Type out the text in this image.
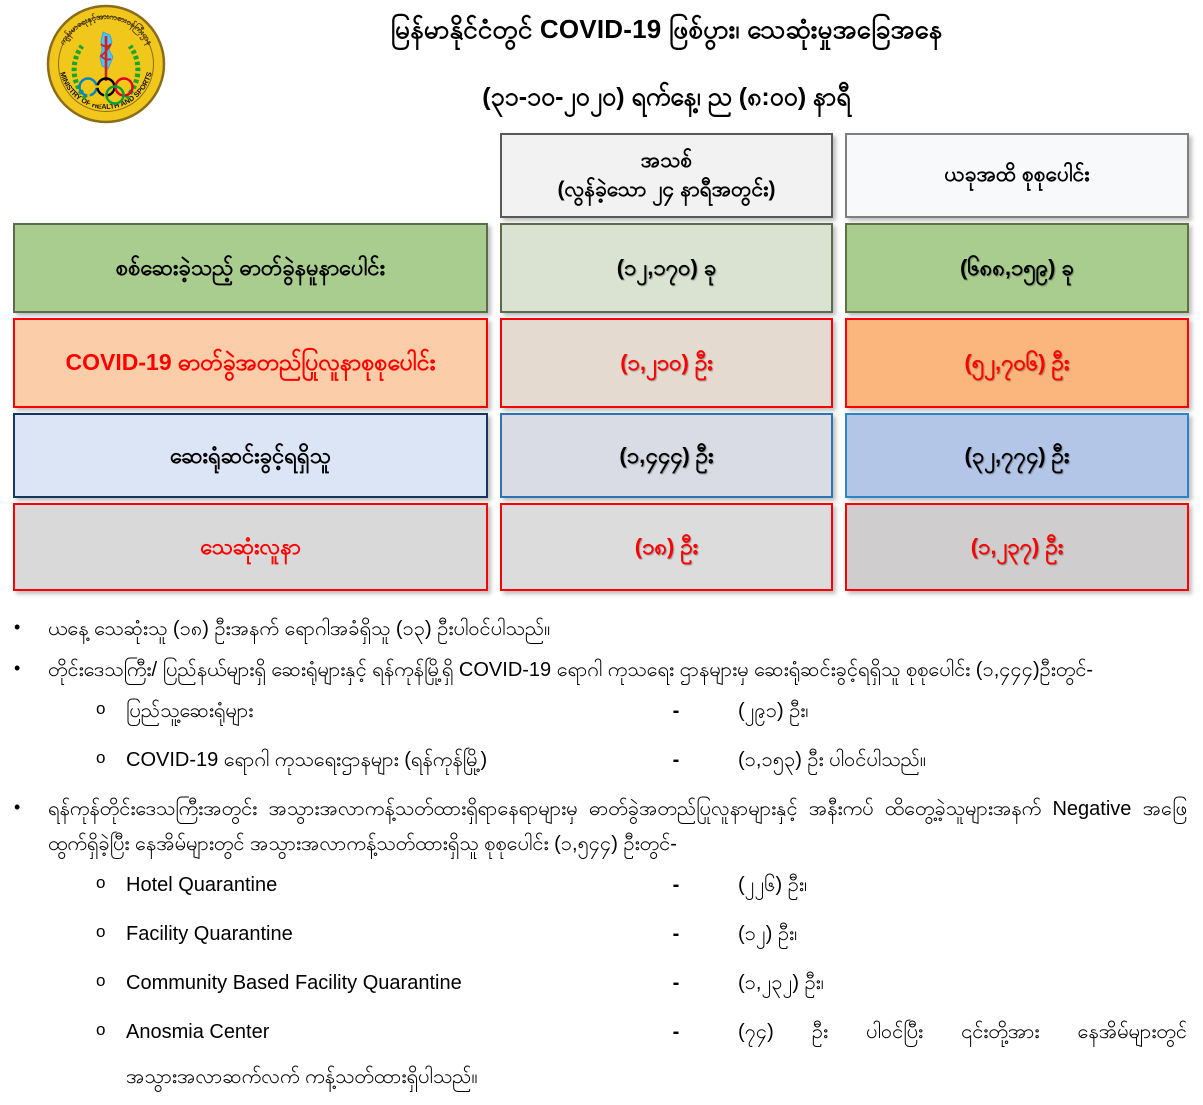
ကျန်းမာရေးနှင့်အားကစားဝန်ကြီးဌာန
MINISTRY OF HEALTH AND SPORTS
မြန်မာနိုင်ငံတွင် COVID-19 ဖြစ်ပွား၊ သေဆုံးမှုအခြေအနေ
(၃၁-၁၀-၂၀၂၀) ရက်နေ့၊ ည (၈:၀၀) နာရီ
အသစ်
(လွန်ခဲ့သော ၂၄ နာရီအတွင်း)
ယခုအထိ စုစုပေါင်း
စစ်ဆေးခဲ့သည့် ဓာတ်ခွဲနမူနာပေါင်း	(၁၂,၁၇၀) ခု	(၆၈၈,၁၅၉) ခု
COVID-19 ဓာတ်ခွဲအတည်ပြုလူနာစုစုပေါင်း	(၁,၂၁၀) ဦး	(၅၂,၇၀၆) ဦး
ဆေးရုံဆင်းခွင့်ရရှိသူ	(၁,၄၄၄) ဦး	(၃၂,၇၇၄) ဦး
သေဆုံးလူနာ	(၁၈) ဦး	(၁,၂၃၇) ဦး
•	ယနေ့ သေဆုံးသူ (၁၈) ဦးအနက် ရောဂါအခံရှိသူ (၁၃) ဦးပါဝင်ပါသည်။
•	တိုင်းဒေသကြီး/ ပြည်နယ်များရှိ ဆေးရုံများနှင့် ရန်ကုန်မြို့ရှိ COVID-19 ရောဂါ ကုသရေး ဌာနများမှ ဆေးရုံဆင်းခွင့်ရရှိသူ စုစုပေါင်း (၁,၄၄၄)ဦးတွင်-
o	ပြည်သူ့ဆေးရုံများ	-	(၂၉၁) ဦး၊
o	COVID-19 ရောဂါ ကုသရေးဌာနများ (ရန်ကုန်မြို့)	-	(၁,၁၅၃) ဦး ပါဝင်ပါသည်။
•	ရန်ကုန်တိုင်းဒေသကြီးအတွင်း အသွားအလာကန့်သတ်ထားရှိရာနေရာများမှ ဓာတ်ခွဲအတည်ပြုလူနာများနှင့် အနီးကပ် ထိတွေ့ခဲ့သူများအနက် Negative အဖြေထွက်ရှိခဲ့ပြီး နေအိမ်များတွင် အသွားအလာကန့်သတ်ထားရှိသူ စုစုပေါင်း (၁,၅၄၄) ဦးတွင်-
o	Hotel Quarantine	-	(၂၂၆) ဦး၊
o	Facility Quarantine	-	(၁၂) ဦး၊
o	Community Based Facility Quarantine	-	(၁,၂၃၂) ဦး၊
o	Anosmia Center	-	(၇၄) ဦး ပါဝင်ပြီး ၎င်းတို့အား နေအိမ်များတွင်
အသွားအလာဆက်လက် ကန့်သတ်ထားရှိပါသည်။
